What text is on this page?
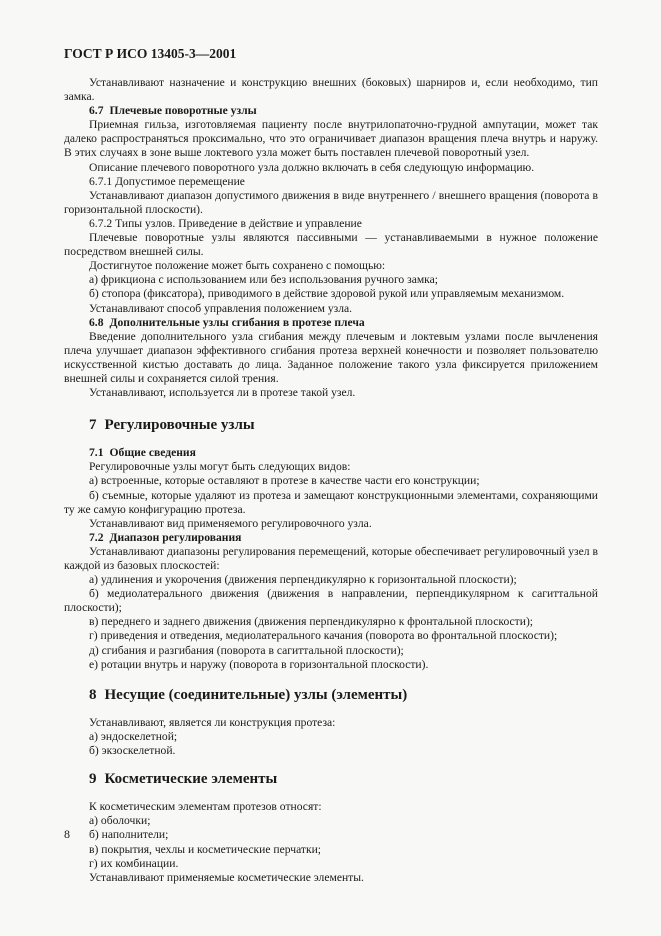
ГОСТ Р ИСО 13405-3—2001

Устанавливают назначение и конструкцию внешних (боковых) шарниров и, если необходимо, тип замка.

6.7 Плечевые поворотные узлы

Приемная гильза, изготовляемая пациенту после внутрилопаточно-грудной ампутации, может так далеко распространяться проксимально, что это ограничивает диапазон вращения плеча внутрь и наружу. В этих случаях в зоне выше локтевого узла может быть поставлен плечевой поворотный узел.

Описание плечевого поворотного узла должно включать в себя следующую информацию.

6.7.1 Допустимое перемещение

Устанавливают диапазон допустимого движения в виде внутреннего / внешнего вращения (поворота в горизонтальной плоскости).

6.7.2 Типы узлов. Приведение в действие и управление

Плечевые поворотные узлы являются пассивными — устанавливаемыми в нужное положение посредством внешней силы.

Достигнутое положение может быть сохранено с помощью:

а) фрикциона с использованием или без использования ручного замка;

б) стопора (фиксатора), приводимого в действие здоровой рукой или управляемым механизмом.

Устанавливают способ управления положением узла.

6.8 Дополнительные узлы сгибания в протезе плеча

Введение дополнительного узла сгибания между плечевым и локтевым узлами после вычленения плеча улучшает диапазон эффективного сгибания протеза верхней конечности и позволяет пользователю искусственной кистью доставать до лица. Заданное положение такого узла фиксируется приложением внешней силы и сохраняется силой трения.

Устанавливают, используется ли в протезе такой узел.

7 Регулировочные узлы

7.1 Общие сведения

Регулировочные узлы могут быть следующих видов:

а) встроенные, которые оставляют в протезе в качестве части его конструкции;

б) съемные, которые удаляют из протеза и замещают конструкционными элементами, сохраняющими ту же самую конфигурацию протеза.

Устанавливают вид применяемого регулировочного узла.

7.2 Диапазон регулирования

Устанавливают диапазоны регулирования перемещений, которые обеспечивает регулировочный узел в каждой из базовых плоскостей:

а) удлинения и укорочения (движения перпендикулярно к горизонтальной плоскости);

б) медиолатерального движения (движения в направлении, перпендикулярном к сагиттальной плоскости);

в) переднего и заднего движения (движения перпендикулярно к фронтальной плоскости);

г) приведения и отведения, медиолатерального качания (поворота во фронтальной плоскости);

д) сгибания и разгибания (поворота в сагиттальной плоскости);

е) ротации внутрь и наружу (поворота в горизонтальной плоскости).

8 Несущие (соединительные) узлы (элементы)

Устанавливают, является ли конструкция протеза:

а) эндоскелетной;

б) экзоскелетной.

9 Косметические элементы

К косметическим элементам протезов относят:

а) оболочки;

б) наполнители;

в) покрытия, чехлы и косметические перчатки;

г) их комбинации.

Устанавливают применяемые косметические элементы.

8
